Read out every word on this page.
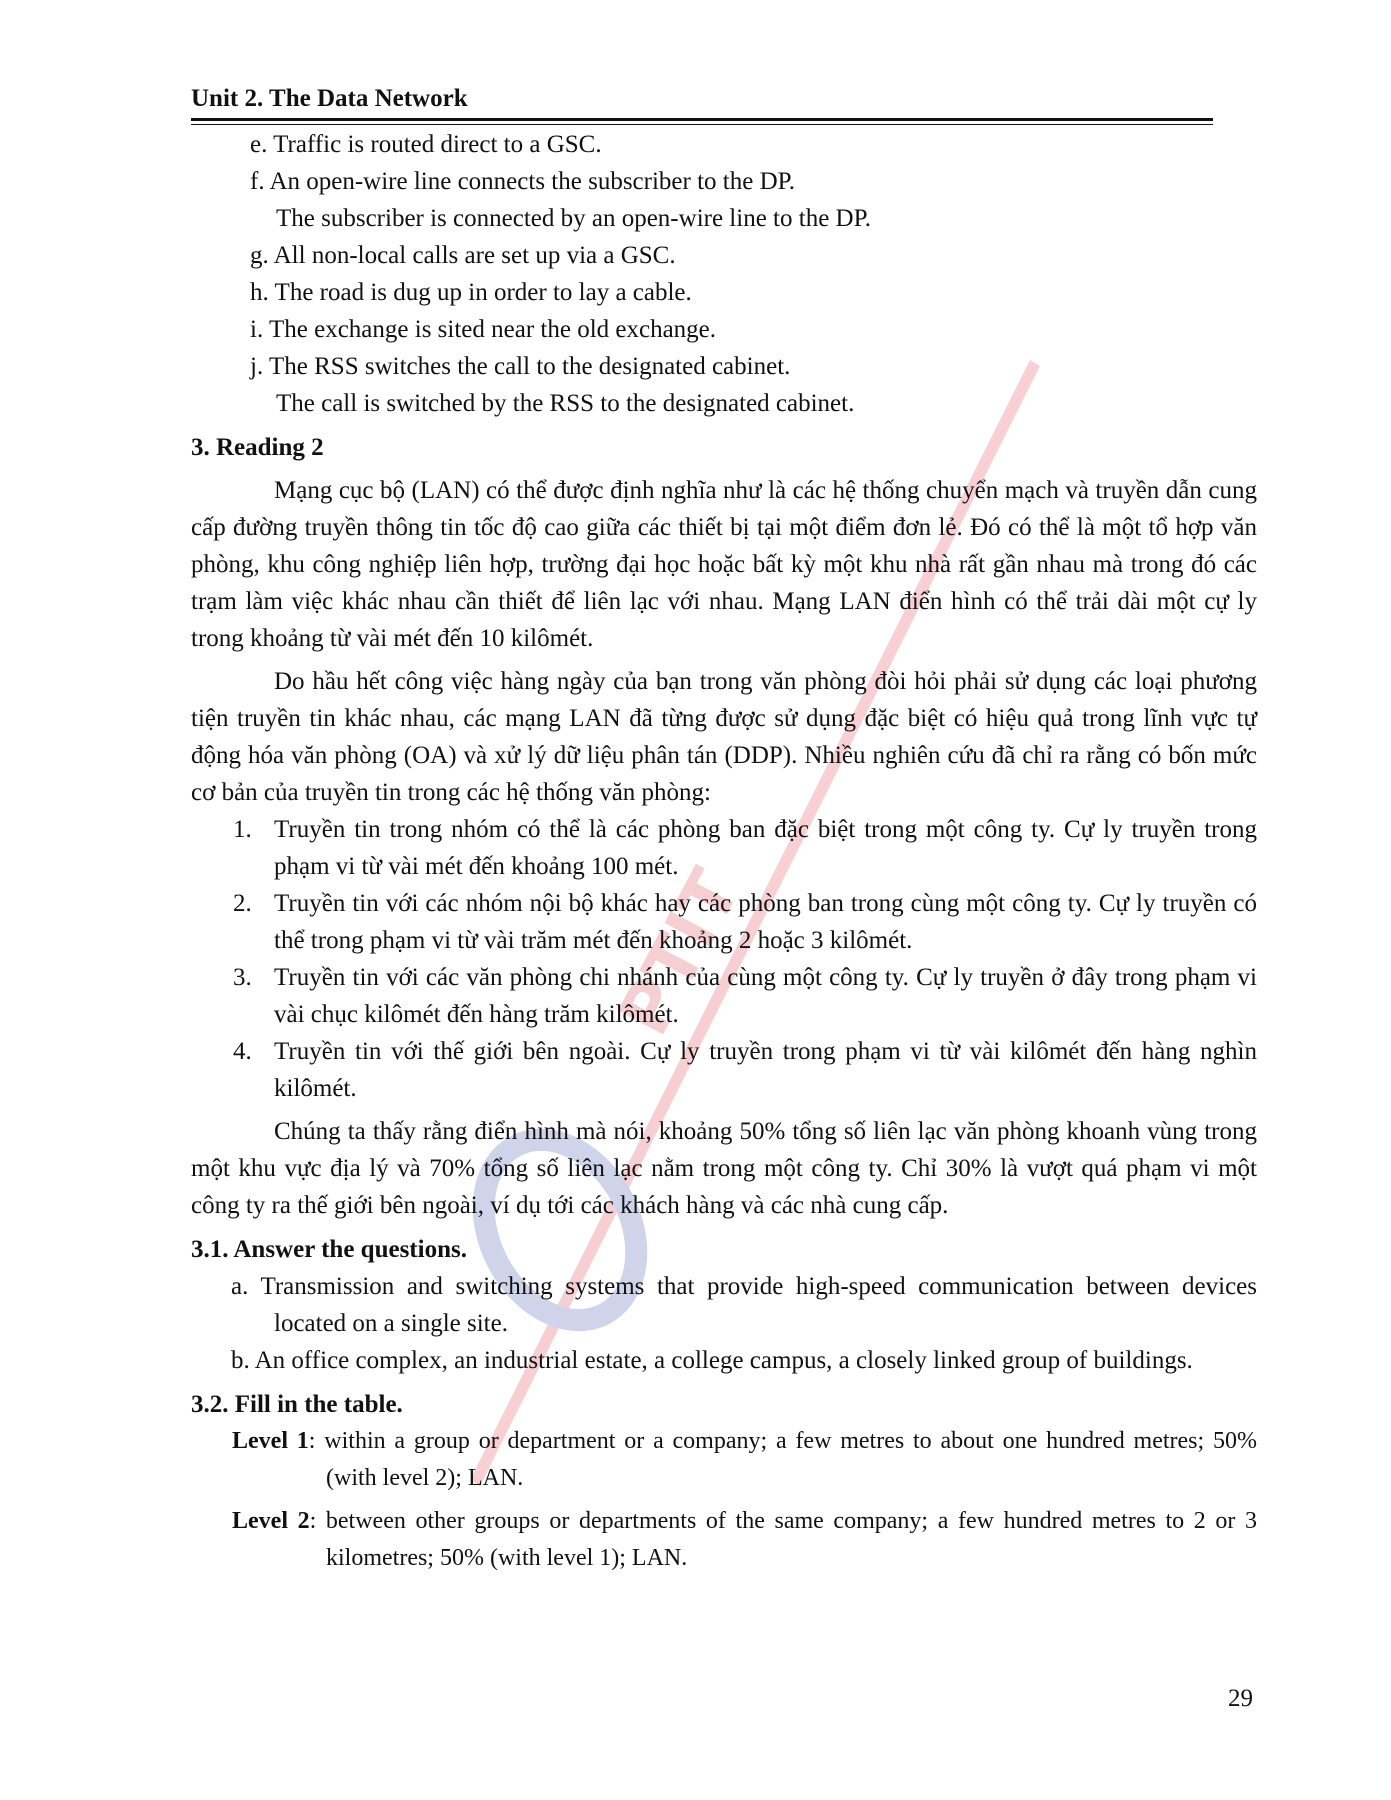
PTIT
Unit 2. The Data Network

e. Traffic is routed direct to a GSC.

f. An open-wire line connects the subscriber to the DP.

The subscriber is connected by an open-wire line to the DP.

g. All non-local calls are set up via a GSC.

h. The road is dug up in order to lay a cable.

i. The exchange is sited near the old exchange.

j. The RSS switches the call to the designated cabinet.

The call is switched by the RSS to the designated cabinet.

3. Reading 2

Mạng cục bộ (LAN) có thể được định nghĩa như là các hệ thống chuyển mạch và truyền dẫn cung cấp đường truyền thông tin tốc độ cao giữa các thiết bị tại một điểm đơn lẻ. Đó có thể là một tổ hợp văn phòng, khu công nghiệp liên hợp, trường đại học hoặc bất kỳ một khu nhà rất gần nhau mà trong đó các trạm làm việc khác nhau cần thiết để liên lạc với nhau. Mạng LAN điển hình có thể trải dài một cự ly trong khoảng từ vài mét đến 10 kilômét.

Do hầu hết công việc hàng ngày của bạn trong văn phòng đòi hỏi phải sử dụng các loại phương tiện truyền tin khác nhau, các mạng LAN đã từng được sử dụng đặc biệt có hiệu quả trong lĩnh vực tự động hóa văn phòng (OA) và xử lý dữ liệu phân tán (DDP). Nhiều nghiên cứu đã chỉ ra rằng có bốn mức cơ bản của truyền tin trong các hệ thống văn phòng:

1. Truyền tin trong nhóm có thể là các phòng ban đặc biệt trong một công ty. Cự ly truyền trong phạm vi từ vài mét đến khoảng 100 mét.

2. Truyền tin với các nhóm nội bộ khác hay các phòng ban trong cùng một công ty. Cự ly truyền có thể trong phạm vi từ vài trăm mét đến khoảng 2 hoặc 3 kilômét.

3. Truyền tin với các văn phòng chi nhánh của cùng một công ty. Cự ly truyền ở đây trong phạm vi vài chục kilômét đến hàng trăm kilômét.

4. Truyền tin với thế giới bên ngoài. Cự ly truyền trong phạm vi từ vài kilômét đến hàng nghìn kilômét.

Chúng ta thấy rằng điển hình mà nói, khoảng 50% tổng số liên lạc văn phòng khoanh vùng trong một khu vực địa lý và 70% tổng số liên lạc nằm trong một công ty. Chỉ 30% là vượt quá phạm vi một công ty ra thế giới bên ngoài, ví dụ tới các khách hàng và các nhà cung cấp.

3.1. Answer the questions.

a. Transmission and switching systems that provide high-speed communication between devices located on a single site.

b. An office complex, an industrial estate, a college campus, a closely linked group of buildings.

3.2. Fill in the table.

Level 1: within a group or department or a company; a few metres to about one hundred metres; 50% (with level 2); LAN.

Level 2: between other groups or departments of the same company; a few hundred metres to 2 or 3 kilometres; 50% (with level 1); LAN.

29
